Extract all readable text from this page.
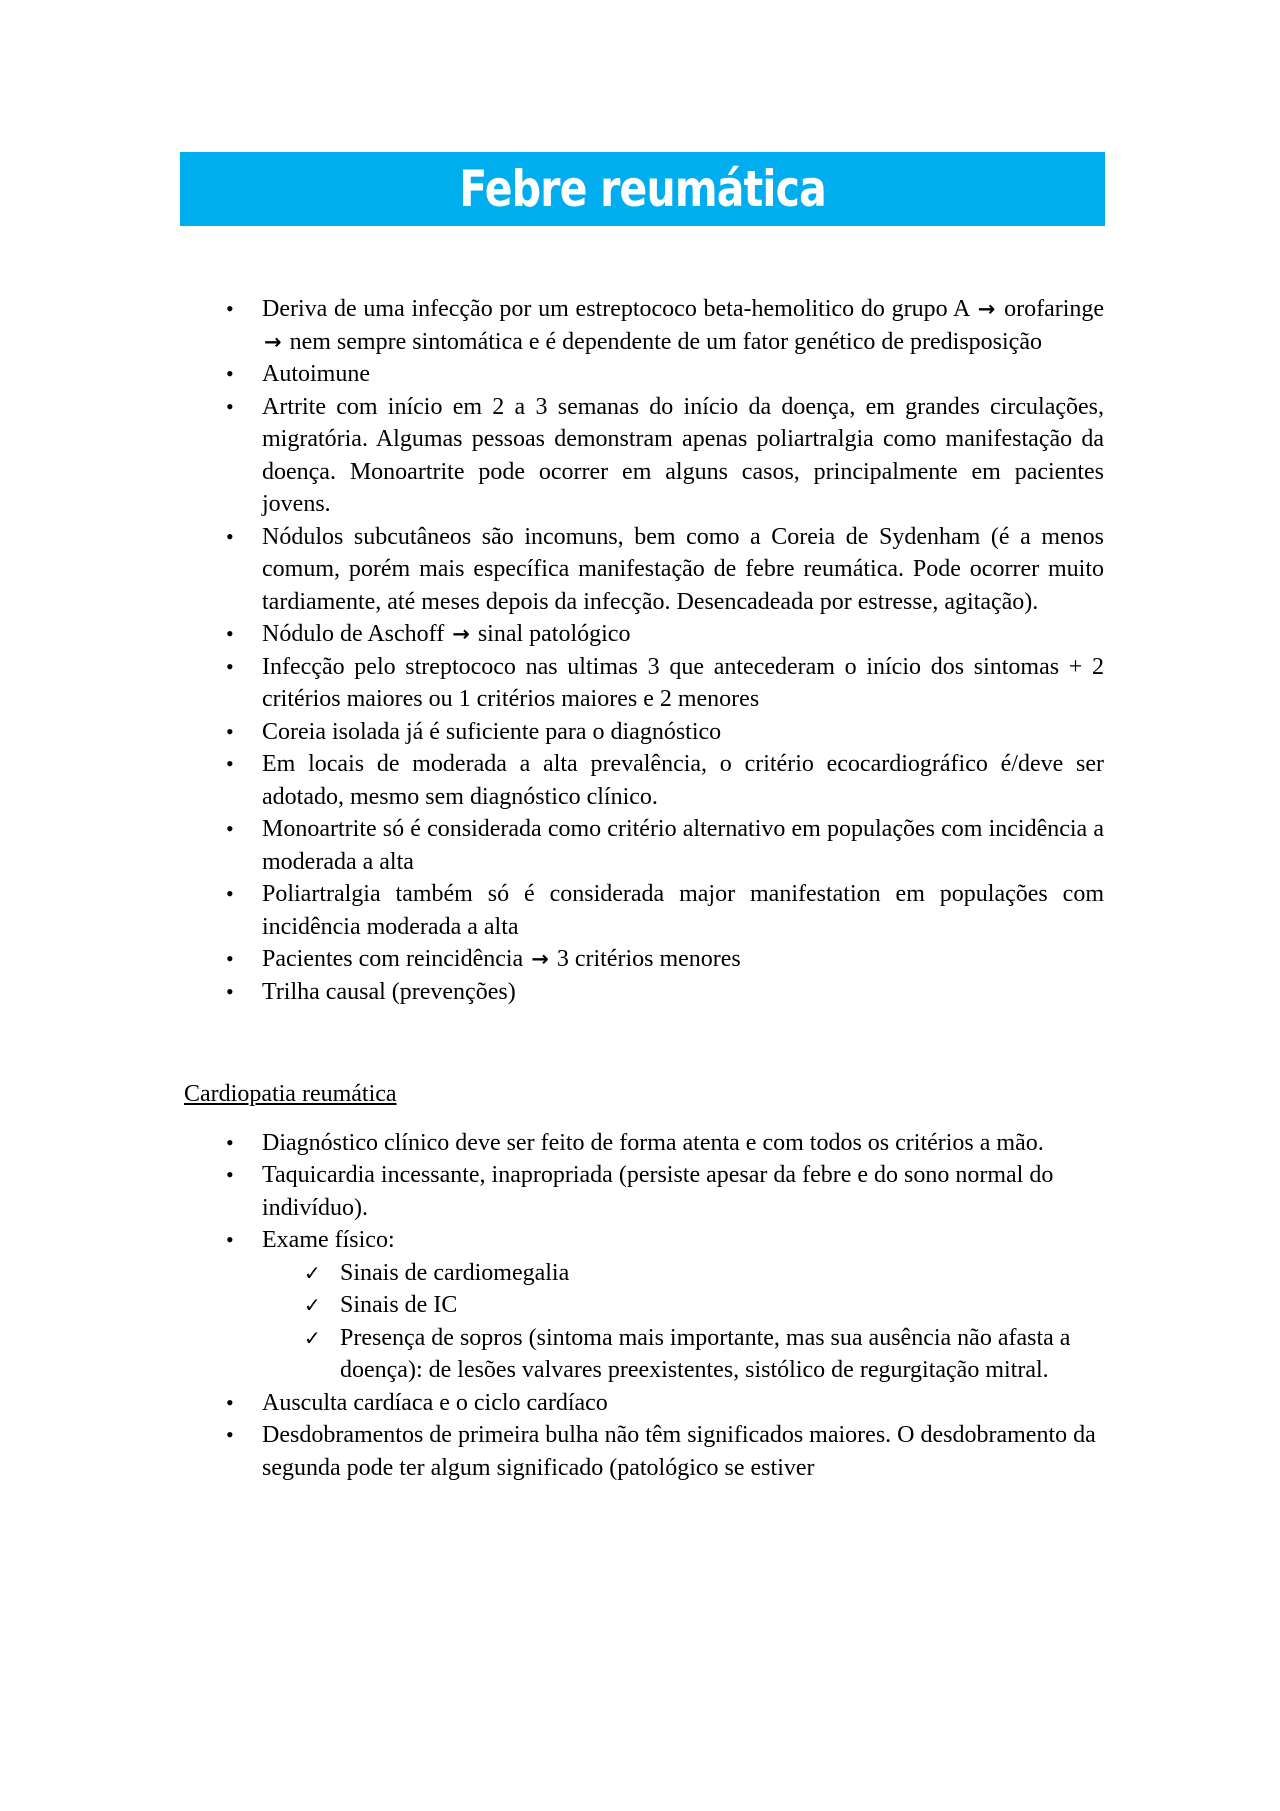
Febre reumática
• Deriva de uma infecção por um estreptococo beta-hemolitico do grupo A → orofaringe → nem sempre sintomática e é dependente de um fator genético de predisposição
• Autoimune
• Artrite com início em 2 a 3 semanas do início da doença, em grandes circulações, migratória. Algumas pessoas demonstram apenas poliartralgia como manifestação da doença. Monoartrite pode ocorrer em alguns casos, principalmente em pacientes jovens.
• Nódulos subcutâneos são incomuns, bem como a Coreia de Sydenham (é a menos comum, porém mais específica manifestação de febre reumática. Pode ocorrer muito tardiamente, até meses depois da infecção. Desencadeada por estresse, agitação).
• Nódulo de Aschoff → sinal patológico
• Infecção pelo streptococo nas ultimas 3 que antecederam o início dos sintomas + 2 critérios maiores ou 1 critérios maiores e 2 menores
• Coreia isolada já é suficiente para o diagnóstico
• Em locais de moderada a alta prevalência, o critério ecocardiográfico é/deve ser adotado, mesmo sem diagnóstico clínico.
• Monoartrite só é considerada como critério alternativo em populações com incidência a moderada a alta
• Poliartralgia também só é considerada major manifestation em populações com incidência moderada a alta
• Pacientes com reincidência → 3 critérios menores
• Trilha causal (prevenções)
Cardiopatia reumática
• Diagnóstico clínico deve ser feito de forma atenta e com todos os critérios a mão.
• Taquicardia incessante, inapropriada (persiste apesar da febre e do sono normal do indivíduo).
• Exame físico:
✓ Sinais de cardiomegalia
✓ Sinais de IC
✓ Presença de sopros (sintoma mais importante, mas sua ausência não afasta a doença): de lesões valvares preexistentes, sistólico de regurgitação mitral.
• Ausculta cardíaca e o ciclo cardíaco
• Desdobramentos de primeira bulha não têm significados maiores. O desdobramento da segunda pode ter algum significado (patológico se estiver
